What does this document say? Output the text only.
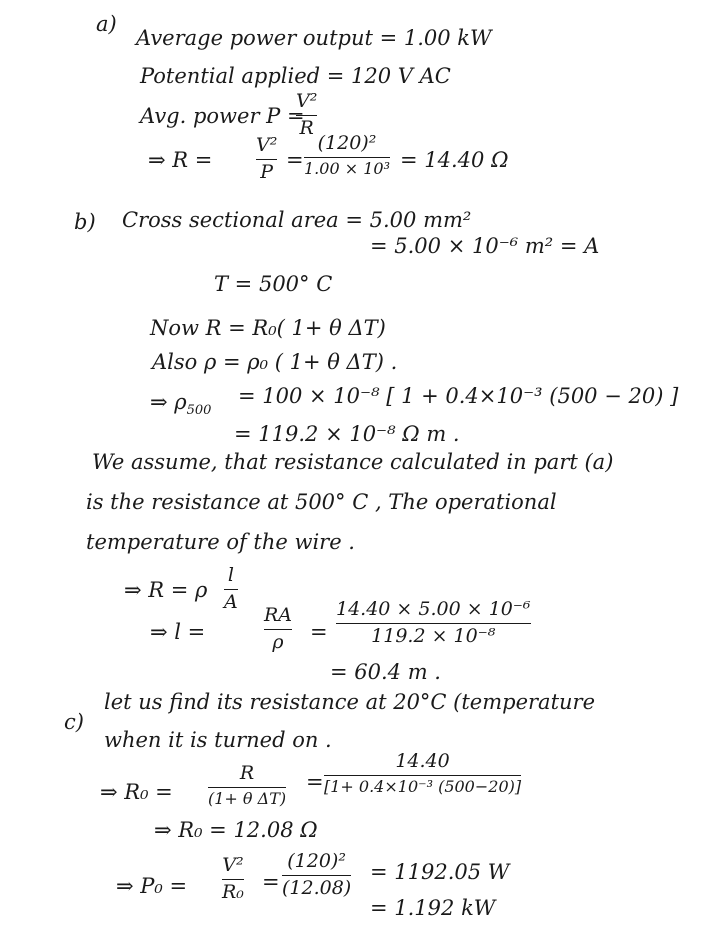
a)
Average power output = 1.00 kW
Potential applied = 120 V AC
Avg. power P =
V²
R
⇒ R =
V²
P =
(120)²
1.00 × 10³ = 14.40 Ω
b) Cross sectional area = 5.00 mm²
= 5.00 × 10⁻⁶ m² = A
T = 500° C
Now R = R₀( 1+ θ ΔT)
Also ρ = ρ₀ ( 1+ θ ΔT) .
⇒ $\rho_{500}$
= 100 × 10⁻⁸ [ 1 + 0.4×10⁻³ (500 − 20) ]
= 119.2 × 10⁻⁸ Ω m .
We assume, that resistance calculated in part (a)
is the resistance at 500° C , The operational
temperature of the wire .
⇒ R = ρ
l
A
⇒ l =
RA
ρ =
14.40 × 5.00 × 10⁻⁶
119.2 × 10⁻⁸
= 60.4 m .
c)
let us find its resistance at 20°C (temperature
when it is turned on .
⇒ R₀ =
R
(1+ θ ΔT)
=
14.40
[1+ 0.4×10⁻³ (500−20)]
⇒ R₀ = 12.08 Ω
⇒ P₀ =
V²
R₀ =
(120)²
(12.08)
= 1192.05 W
= 1.192 kW
